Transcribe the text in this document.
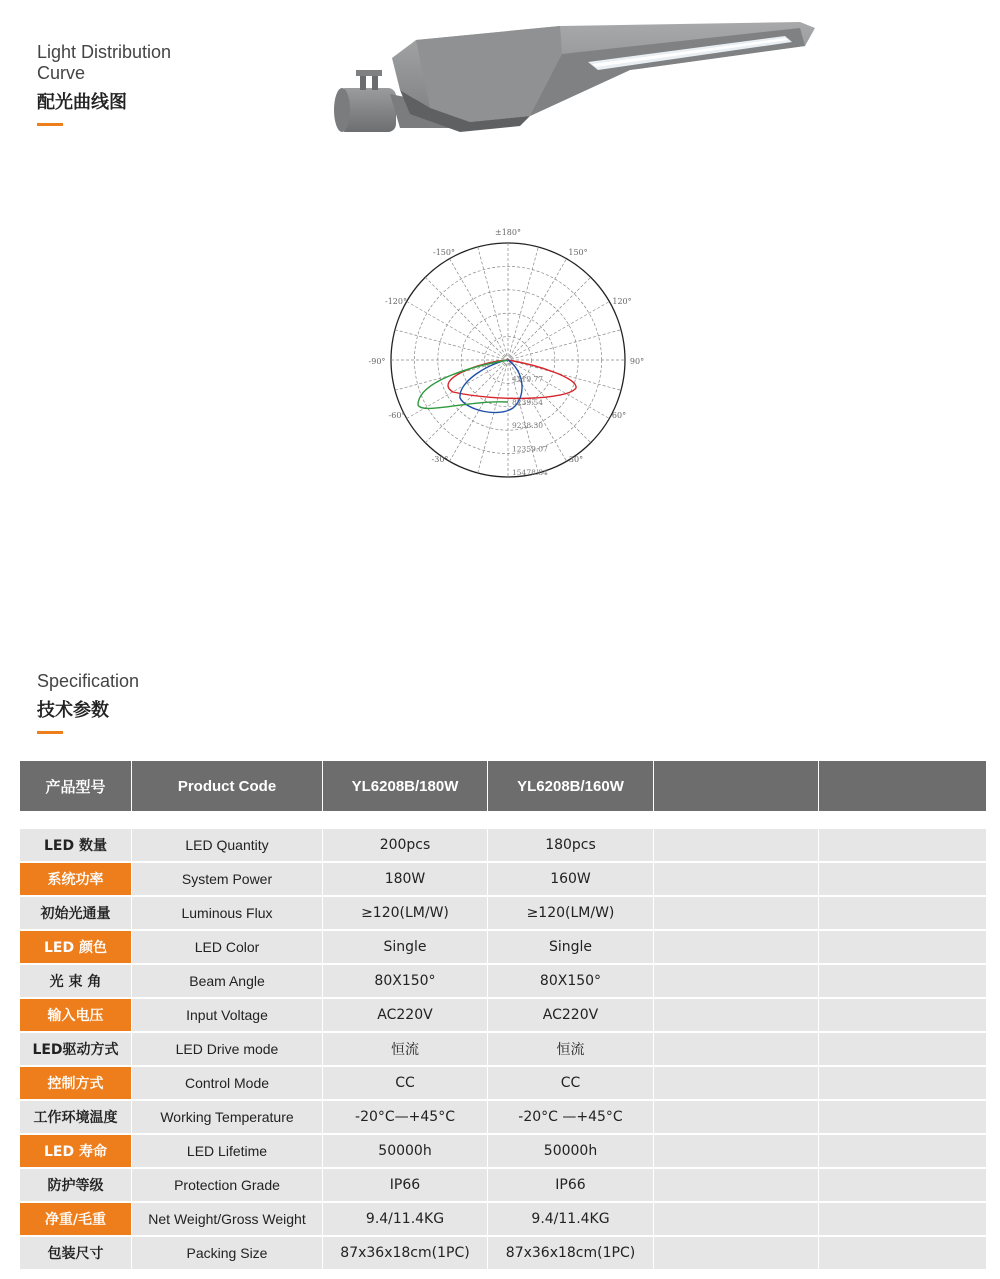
Light Distribution Curve
配光曲线图
±180°
-150°	150°
-120°	120°
-90°	90°
-60°	60°
-30°	30°
4119.77
8239.54
9238.30
12359.07
15478.84
Specification
技术参数
产品型号	Product Code	YL6208B/180W	YL6208B/160W		

LED 数量	LED Quantity	200pcs	180pcs		
系统功率	System Power	180W	160W		
初始光通量	Luminous Flux	≥120(LM/W)	≥120(LM/W)		
LED 颜色	LED Color	Single	Single		
光 束 角	Beam Angle	80X150°	80X150°		
输入电压	Input Voltage	AC220V	AC220V		
LED驱动方式	LED Drive mode	恒流	恒流		
控制方式	Control Mode	CC	CC		
工作环境温度	Working Temperature	-20°C—+45°C	-20°C —+45°C		
LED 寿命	LED Lifetime	50000h	50000h		
防护等级	Protection Grade	IP66	IP66		
净重/毛重	Net Weight/Gross Weight	9.4/11.4KG	9.4/11.4KG		
包装尺寸	Packing Size	87x36x18cm(1PC)	87x36x18cm(1PC)		
